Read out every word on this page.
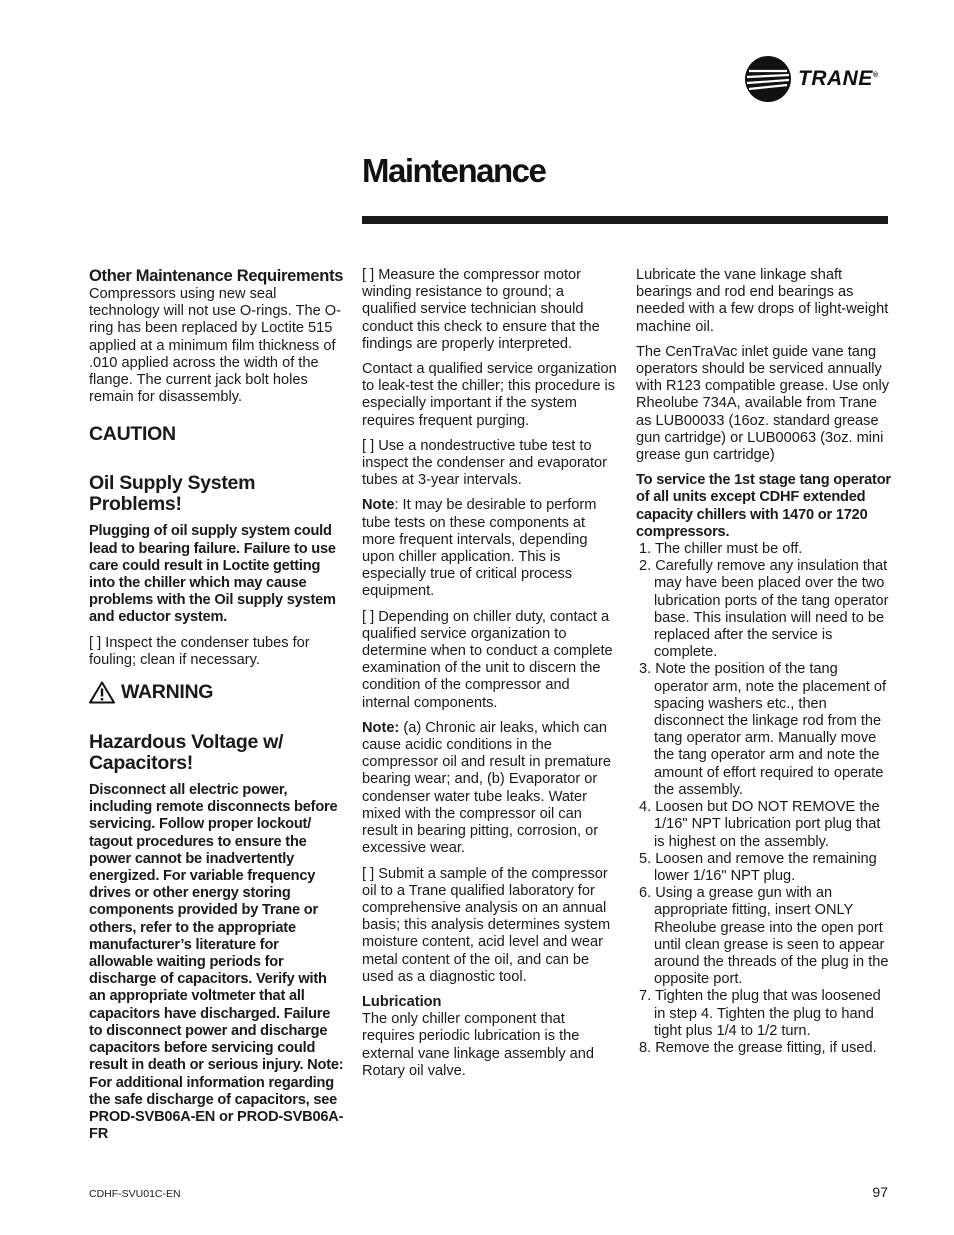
TRANE®
Maintenance

Other Maintenance Requirements

Compressors using new seal technology will not use O-rings. The O-ring has been replaced by Loctite 515 applied at a minimum film thickness of .010 applied across the width of the flange. The current jack bolt holes remain for disassembly.

CAUTION

Oil Supply System Problems!

Plugging of oil supply system could lead to bearing failure. Failure to use care could result in Loctite getting into the chiller which may cause problems with the Oil supply system and eductor system.

[ ] Inspect the condenser tubes for fouling; clean if necessary.

WARNING

Hazardous Voltage w/ Capacitors!

Disconnect all electric power, including remote disconnects before servicing. Follow proper lockout/ tagout procedures to ensure the power cannot be inadvertently energized. For variable frequency drives or other energy storing components provided by Trane or others, refer to the appropriate manufacturer’s literature for allowable waiting periods for discharge of capacitors. Verify with an appropriate voltmeter that all capacitors have discharged. Failure to disconnect power and discharge capacitors before servicing could result in death or serious injury. Note: For additional information regarding the safe discharge of capacitors, see PROD-SVB06A-EN or PROD-SVB06A-FR

[ ] Measure the compressor motor winding resistance to ground; a qualified service technician should conduct this check to ensure that the findings are properly interpreted.

Contact a qualified service organization to leak-test the chiller; this procedure is especially important if the system requires frequent purging.

[ ] Use a nondestructive tube test to inspect the condenser and evaporator tubes at 3-year intervals.

Note: It may be desirable to perform tube tests on these components at more frequent intervals, depending upon chiller application. This is especially true of critical process equipment.

[ ] Depending on chiller duty, contact a qualified service organization to determine when to conduct a complete examination of the unit to discern the condition of the compressor and internal components.

Note: (a) Chronic air leaks, which can cause acidic conditions in the compressor oil and result in premature bearing wear; and, (b) Evaporator or condenser water tube leaks. Water mixed with the compressor oil can result in bearing pitting, corrosion, or excessive wear.

[ ] Submit a sample of the compressor oil to a Trane qualified laboratory for comprehensive analysis on an annual basis; this analysis determines system moisture content, acid level and wear metal content of the oil, and can be used as a diagnostic tool.

Lubrication

The only chiller component that requires periodic lubrication is the external vane linkage assembly and Rotary oil valve.

Lubricate the vane linkage shaft bearings and rod end bearings as needed with a few drops of light-weight machine oil.

The CenTraVac inlet guide vane tang operators should be serviced annually with R123 compatible grease. Use only Rheolube 734A, available from Trane as LUB00033 (16oz. standard grease gun cartridge) or LUB00063 (3oz. mini grease gun cartridge)

To service the 1st stage tang operator of all units except CDHF extended capacity chillers with 1470 or 1720 compressors.

1. The chiller must be off.
2. Carefully remove any insulation that may have been placed over the two lubrication ports of the tang operator base. This insulation will need to be replaced after the service is complete.
3. Note the position of the tang operator arm, note the placement of spacing washers etc., then disconnect the linkage rod from the tang operator arm. Manually move the tang operator arm and note the amount of effort required to operate the assembly.
4. Loosen but DO NOT REMOVE the 1/16" NPT lubrication port plug that is highest on the assembly.
5. Loosen and remove the remaining lower 1/16" NPT plug.
6. Using a grease gun with an appropriate fitting, insert ONLY Rheolube grease into the open port until clean grease is seen to appear around the threads of the plug in the opposite port.
7. Tighten the plug that was loosened in step 4. Tighten the plug to hand tight plus 1/4 to 1/2 turn.
8. Remove the grease fitting, if used.
CDHF-SVU01C-EN	97
